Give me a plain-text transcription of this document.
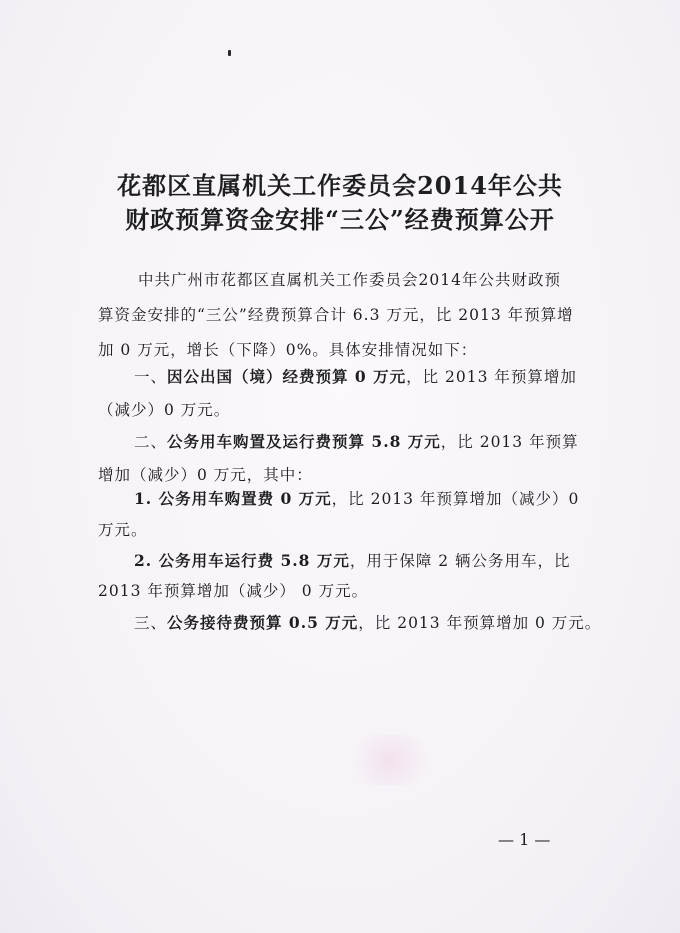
花都区直属机关工作委员会2014年公共
财政预算资金安排“三公”经费预算公开
中共广州市花都区直属机关工作委员会2014年公共财政预
算资金安排的“三公”经费预算合计 6.3 万元，比 2013 年预算增
加 0 万元，增长（下降）0%。具体安排情况如下：
一、因公出国（境）经费预算 0 万元，比 2013 年预算增加
（减少）0 万元。
二、公务用车购置及运行费预算 5.8 万元，比 2013 年预算
增加（减少）0 万元，其中：
1. 公务用车购置费 0 万元，比 2013 年预算增加（减少）0
万元。
2. 公务用车运行费 5.8 万元，用于保障 2 辆公务用车，比
2013 年预算增加（减少） 0 万元。
三、公务接待费预算 0.5 万元，比 2013 年预算增加 0 万元。
— 1 —
